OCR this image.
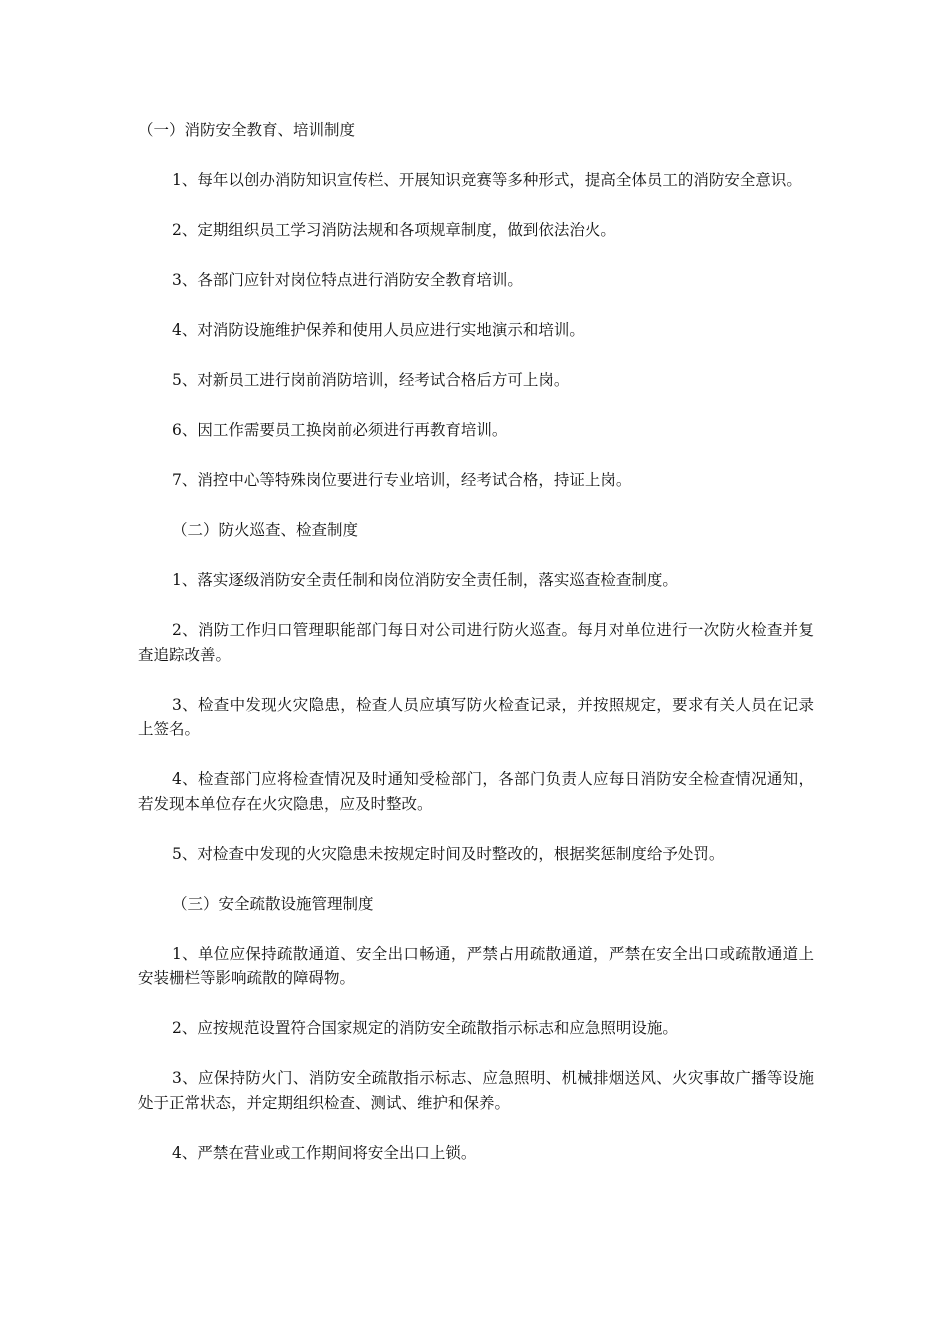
（一）消防安全教育、培训制度

1、每年以创办消防知识宣传栏、开展知识竞赛等多种形式，提高全体员工的消防安全意识。

2、定期组织员工学习消防法规和各项规章制度，做到依法治火。

3、各部门应针对岗位特点进行消防安全教育培训。

4、对消防设施维护保养和使用人员应进行实地演示和培训。

5、对新员工进行岗前消防培训，经考试合格后方可上岗。

6、因工作需要员工换岗前必须进行再教育培训。

7、消控中心等特殊岗位要进行专业培训，经考试合格，持证上岗。

（二）防火巡查、检查制度

1、落实逐级消防安全责任制和岗位消防安全责任制，落实巡查检查制度。

2、消防工作归口管理职能部门每日对公司进行防火巡查。每月对单位进行一次防火检查并复查追踪改善。

3、检查中发现火灾隐患，检查人员应填写防火检查记录，并按照规定，要求有关人员在记录上签名。

4、检查部门应将检查情况及时通知受检部门，各部门负责人应每日消防安全检查情况通知，若发现本单位存在火灾隐患，应及时整改。

5、对检查中发现的火灾隐患未按规定时间及时整改的，根据奖惩制度给予处罚。

（三）安全疏散设施管理制度

1、单位应保持疏散通道、安全出口畅通，严禁占用疏散通道，严禁在安全出口或疏散通道上安装栅栏等影响疏散的障碍物。

2、应按规范设置符合国家规定的消防安全疏散指示标志和应急照明设施。

3、应保持防火门、消防安全疏散指示标志、应急照明、机械排烟送风、火灾事故广播等设施处于正常状态，并定期组织检查、测试、维护和保养。

4、严禁在营业或工作期间将安全出口上锁。
